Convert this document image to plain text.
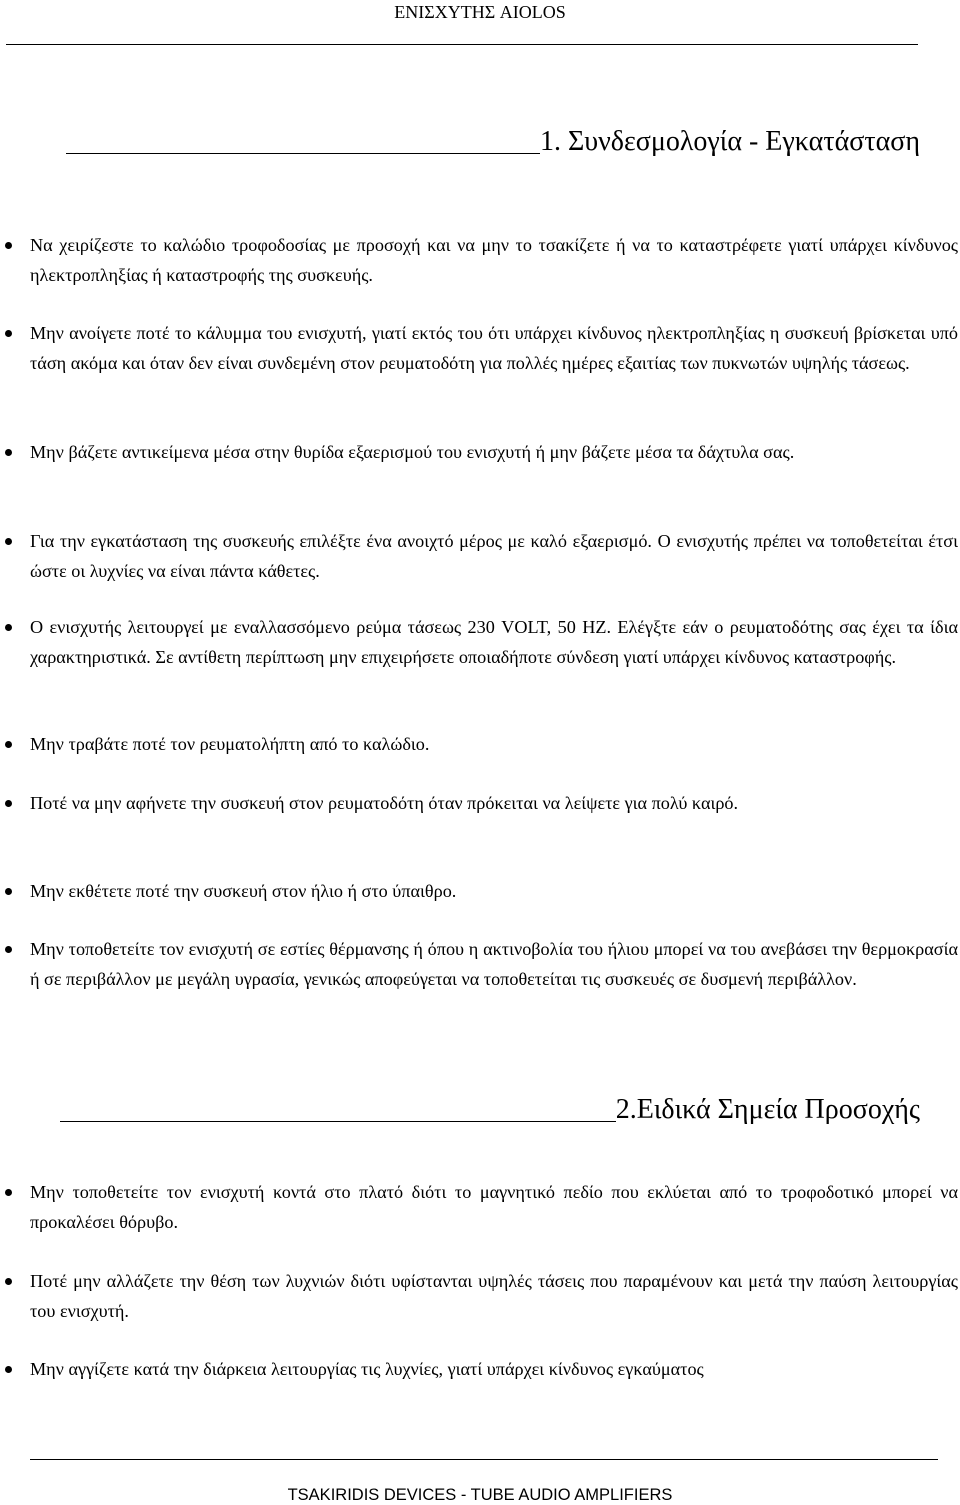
ΕΝΙΣΧΥΤΗΣ AIOLOS
1. Συνδεσμολογία - Εγκατάσταση
Να χειρίζεστε το καλώδιο τροφοδοσίας με προσοχή και να μην το τσακίζετε ή να το καταστρέφετε γιατί υπάρχει κίνδυνος ηλεκτροπληξίας ή καταστροφής της συσκευής.
Μην ανοίγετε ποτέ το κάλυμμα του ενισχυτή, γιατί εκτός του ότι υπάρχει κίνδυνος ηλεκτροπληξίας η συσκευή βρίσκεται υπό τάση ακόμα και όταν δεν είναι συνδεμένη στον ρευματοδότη για πολλές ημέρες εξαιτίας των πυκνωτών υψηλής τάσεως.
Μην βάζετε αντικείμενα μέσα στην θυρίδα εξαερισμού του ενισχυτή ή μην βάζετε μέσα τα δάχτυλα σας.
Για την εγκατάσταση της συσκευής επιλέξτε ένα ανοιχτό μέρος με καλό εξαερισμό. Ο ενισχυτής πρέπει να τοποθετείται έτσι ώστε οι λυχνίες να είναι πάντα κάθετες.
Ο ενισχυτής λειτουργεί με εναλλασσόμενο ρεύμα τάσεως 230 VOLT, 50 HZ. Ελέγξτε εάν ο ρευματοδότης σας έχει τα ίδια χαρακτηριστικά. Σε αντίθετη περίπτωση μην επιχειρήσετε οποιαδήποτε σύνδεση γιατί υπάρχει κίνδυνος καταστροφής.
Μην τραβάτε ποτέ τον ρευματολήπτη από το καλώδιο.
Ποτέ να μην αφήνετε την συσκευή στον ρευματοδότη όταν πρόκειται να λείψετε για πολύ καιρό.
Μην εκθέτετε ποτέ την συσκευή στον ήλιο ή στο ύπαιθρο.
Μην τοποθετείτε τον ενισχυτή σε εστίες θέρμανσης ή όπου η ακτινοβολία του ήλιου μπορεί να του ανεβάσει την θερμοκρασία ή σε περιβάλλον με μεγάλη υγρασία, γενικώς αποφεύγεται να τοποθετείται τις συσκευές σε δυσμενή περιβάλλον.
2.Ειδικά Σημεία Προσοχής
Μην τοποθετείτε τον ενισχυτή κοντά στο πλατό διότι το μαγνητικό πεδίο που εκλύεται από το τροφοδοτικό μπορεί να προκαλέσει θόρυβο.
Ποτέ μην αλλάζετε την θέση των λυχνιών διότι υφίστανται υψηλές τάσεις που παραμένουν και μετά την παύση λειτουργίας του ενισχυτή.
Μην αγγίζετε κατά την διάρκεια λειτουργίας τις λυχνίες, γιατί υπάρχει κίνδυνος εγκαύματος
TSAKIRIDIS DEVICES - TUBE AUDIO AMPLIFIERS
